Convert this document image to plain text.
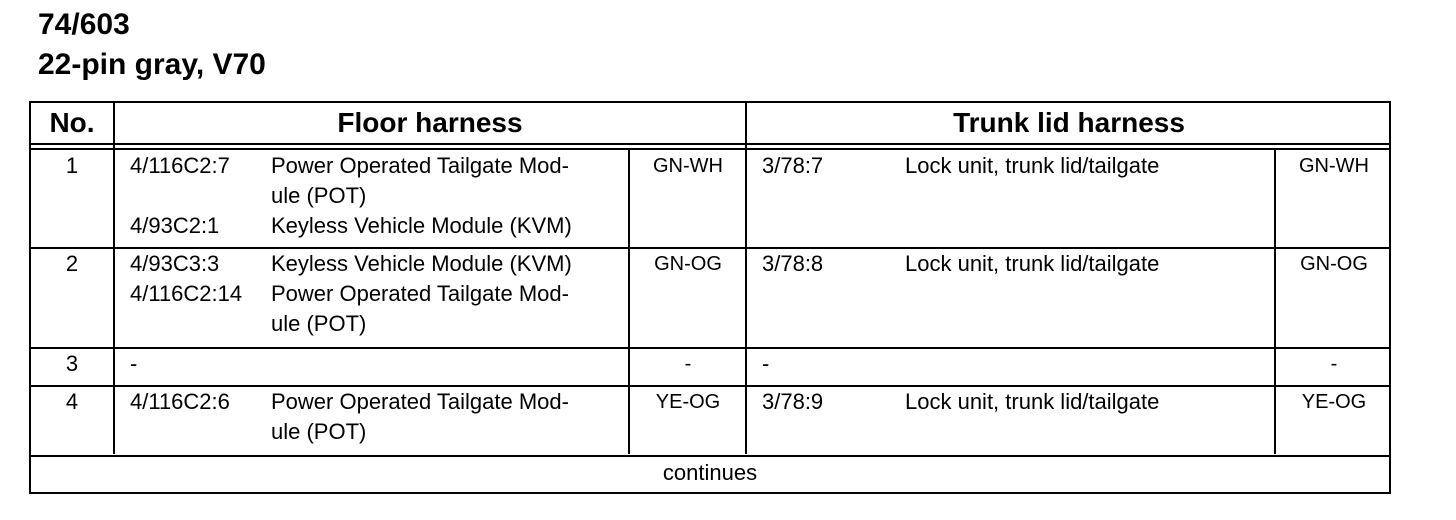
74/603
22-pin gray, V70
No.	Floor harness	Trunk lid harness
1	4/116C2:7 Power Operated Tailgate Mod-
ule (POT)
4/93C2:1 Keyless Vehicle Module (KVM)
GN-WH	3/78:7	Lock unit, trunk lid/tailgate	GN-WH
2	4/93C3:3 Keyless Vehicle Module (KVM)
4/116C2:14 Power Operated Tailgate Mod-
ule (POT)
GN-OG	3/78:8	Lock unit, trunk lid/tailgate	GN-OG
3	-	-	-	-
4	4/116C2:6 Power Operated Tailgate Mod-
ule (POT)
YE-OG	3/78:9	Lock unit, trunk lid/tailgate	YE-OG
continues
